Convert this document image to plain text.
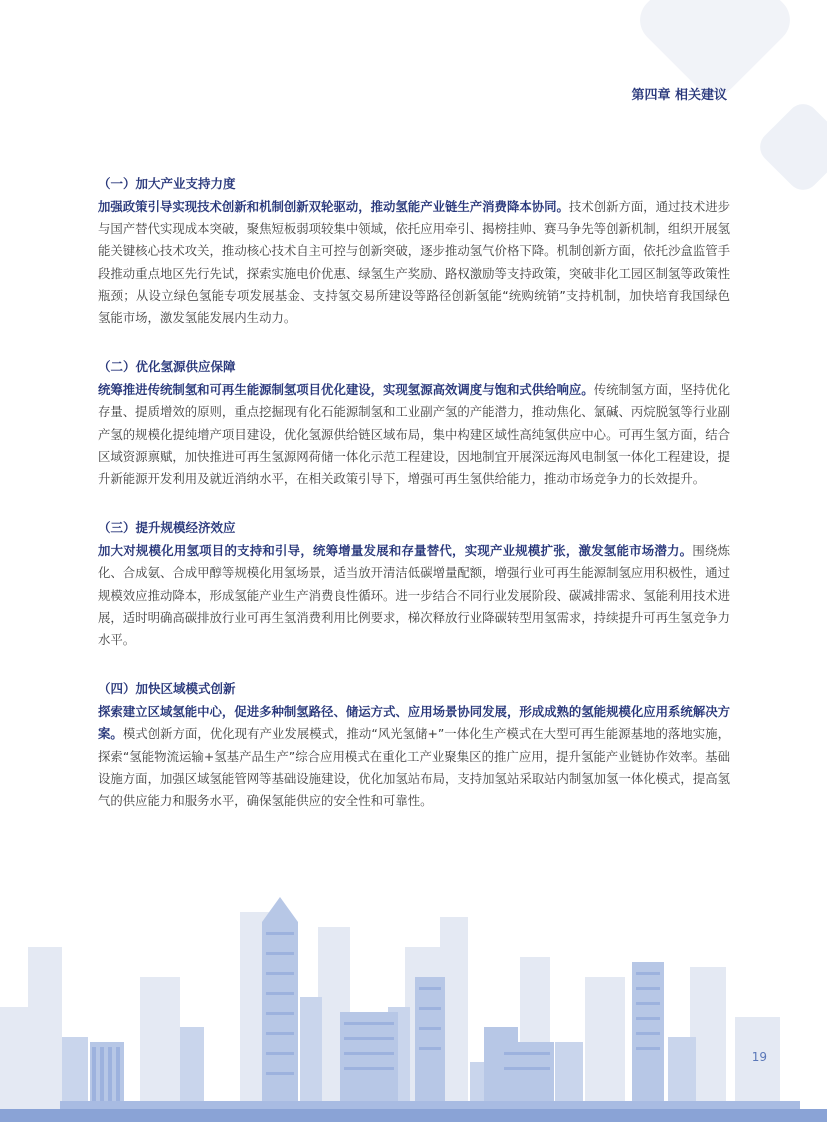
第四章 相关建议

（一）加大产业支持力度

加强政策引导实现技术创新和机制创新双轮驱动，推动氢能产业链生产消费降本协同。技术创新方面，通过技术进步与国产替代实现成本突破，聚焦短板弱项较集中领域，依托应用牵引、揭榜挂帅、赛马争先等创新机制，组织开展氢能关键核心技术攻关，推动核心技术自主可控与创新突破，逐步推动氢气价格下降。机制创新方面，依托沙盒监管手段推动重点地区先行先试，探索实施电价优惠、绿氢生产奖励、路权激励等支持政策，突破非化工园区制氢等政策性瓶颈；从设立绿色氢能专项发展基金、支持氢交易所建设等路径创新氢能“统购统销”支持机制，加快培育我国绿色氢能市场，激发氢能发展内生动力。

（二）优化氢源供应保障

统筹推进传统制氢和可再生能源制氢项目优化建设，实现氢源高效调度与饱和式供给响应。传统制氢方面，坚持优化存量、提质增效的原则，重点挖掘现有化石能源制氢和工业副产氢的产能潜力，推动焦化、氯碱、丙烷脱氢等行业副产氢的规模化提纯增产项目建设，优化氢源供给链区域布局，集中构建区域性高纯氢供应中心。可再生氢方面，结合区域资源禀赋，加快推进可再生氢源网荷储一体化示范工程建设，因地制宜开展深远海风电制氢一体化工程建设，提升新能源开发利用及就近消纳水平，在相关政策引导下，增强可再生氢供给能力，推动市场竞争力的长效提升。

（三）提升规模经济效应

加大对规模化用氢项目的支持和引导，统筹增量发展和存量替代，实现产业规模扩张，激发氢能市场潜力。围绕炼化、合成氨、合成甲醇等规模化用氢场景，适当放开清洁低碳增量配额，增强行业可再生能源制氢应用积极性，通过规模效应推动降本，形成氢能产业生产消费良性循环。进一步结合不同行业发展阶段、碳减排需求、氢能利用技术进展，适时明确高碳排放行业可再生氢消费利用比例要求，梯次释放行业降碳转型用氢需求，持续提升可再生氢竞争力水平。

（四）加快区域模式创新

探索建立区域氢能中心，促进多种制氢路径、储运方式、应用场景协同发展，形成成熟的氢能规模化应用系统解决方案。模式创新方面，优化现有产业发展模式，推动“风光氢储+”一体化生产模式在大型可再生能源基地的落地实施，探索“氢能物流运输+氢基产品生产”综合应用模式在重化工产业聚集区的推广应用，提升氢能产业链协作效率。基础设施方面，加强区域氢能管网等基础设施建设，优化加氢站布局，支持加氢站采取站内制氢加氢一体化模式，提高氢气的供应能力和服务水平，确保氢能供应的安全性和可靠性。

19
